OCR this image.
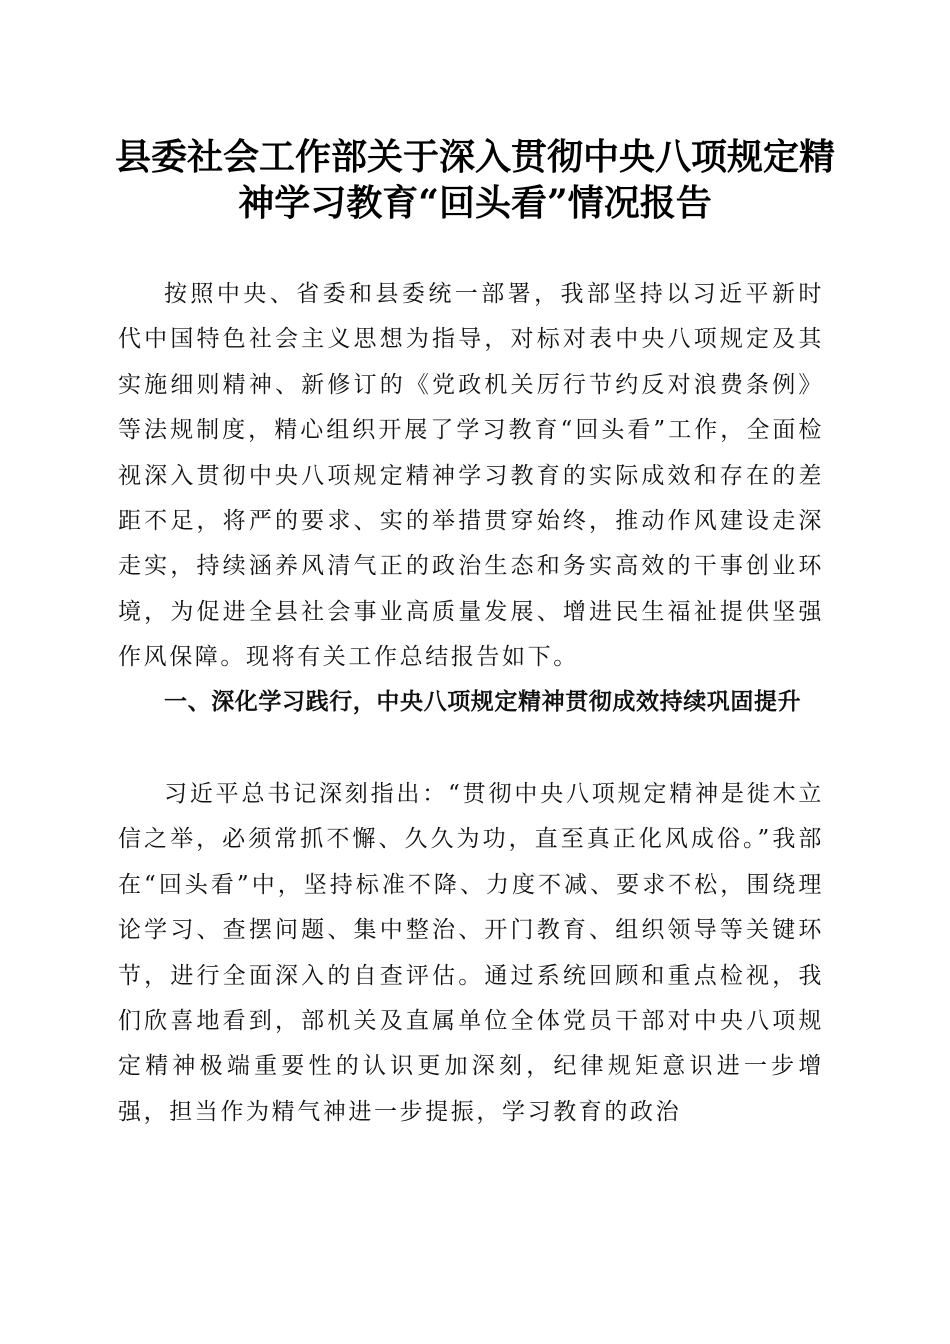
县委社会工作部关于深入贯彻中央八项规定精
神学习教育“回头看”情况报告

按照中央、省委和县委统一部署，我部坚持以习近平新时代中国特色社会主义思想为指导，对标对表中央八项规定及其实施细则精神、新修订的《党政机关厉行节约反对浪费条例》等法规制度，精心组织开展了学习教育“回头看”工作，全面检视深入贯彻中央八项规定精神学习教育的实际成效和存在的差距不足，将严的要求、实的举措贯穿始终，推动作风建设走深走实，持续涵养风清气正的政治生态和务实高效的干事创业环境，为促进全县社会事业高质量发展、增进民生福祉提供坚强作风保障。现将有关工作总结报告如下。

一、深化学习践行，中央八项规定精神贯彻成效持续巩固提升

习近平总书记深刻指出：“贯彻中央八项规定精神是徙木立信之举，必须常抓不懈、久久为功，直至真正化风成俗。”我部在“回头看”中，坚持标准不降、力度不减、要求不松，围绕理论学习、查摆问题、集中整治、开门教育、组织领导等关键环节，进行全面深入的自查评估。通过系统回顾和重点检视，我们欣喜地看到，部机关及直属单位全体党员干部对中央八项规定精神极端重要性的认识更加深刻，纪律规矩意识进一步增强，担当作为精气神进一步提振，学习教育的政治
